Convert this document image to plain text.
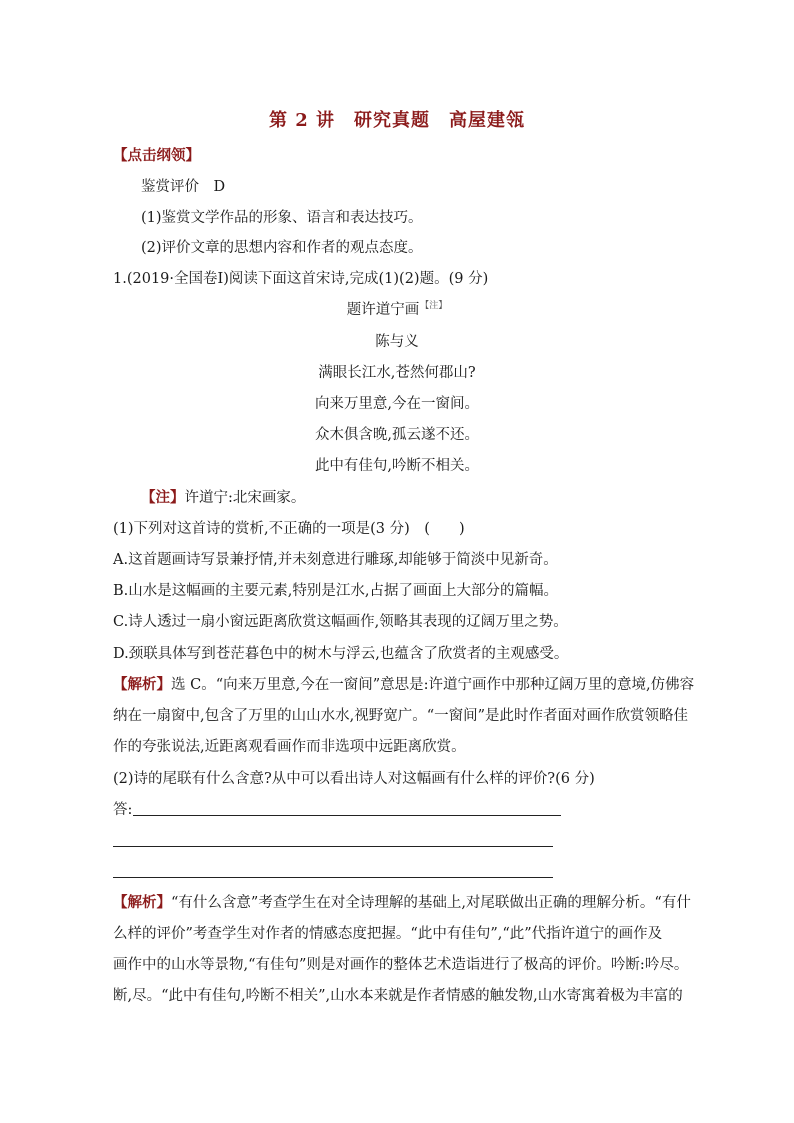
第 2 讲　研究真题　高屋建瓴
【点击纲领】
鉴赏评价　D
(1)鉴赏文学作品的形象、语言和表达技巧。
(2)评价文章的思想内容和作者的观点态度。
1.(2019·全国卷Ⅰ)阅读下面这首宋诗,完成(1)(2)题。(9 分)
题许道宁画【注】
陈与义
满眼长江水,苍然何郡山?
向来万里意,今在一窗间。
众木俱含晚,孤云遂不还。
此中有佳句,吟断不相关。
【注】许道宁:北宋画家。
(1)下列对这首诗的赏析,不正确的一项是(3 分)　(　　)
A.这首题画诗写景兼抒情,并未刻意进行雕琢,却能够于简淡中见新奇。
B.山水是这幅画的主要元素,特别是江水,占据了画面上大部分的篇幅。
C.诗人透过一扇小窗远距离欣赏这幅画作,领略其表现的辽阔万里之势。
D.颈联具体写到苍茫暮色中的树木与浮云,也蕴含了欣赏者的主观感受。
【解析】选 C。“向来万里意,今在一窗间”意思是:许道宁画作中那种辽阔万里的意境,仿佛容
纳在一扇窗中,包含了万里的山山水水,视野宽广。“一窗间”是此时作者面对画作欣赏领略佳
作的夸张说法,近距离观看画作而非选项中远距离欣赏。
(2)诗的尾联有什么含意?从中可以看出诗人对这幅画有什么样的评价?(6 分)
答:
【解析】“有什么含意”考查学生在对全诗理解的基础上,对尾联做出正确的理解分析。“有什
么样的评价”考查学生对作者的情感态度把握。“此中有佳句”,“此”代指许道宁的画作及
画作中的山水等景物,“有佳句”则是对画作的整体艺术造诣进行了极高的评价。吟断:吟尽。
断,尽。“此中有佳句,吟断不相关”,山水本来就是作者情感的触发物,山水寄寓着极为丰富的
